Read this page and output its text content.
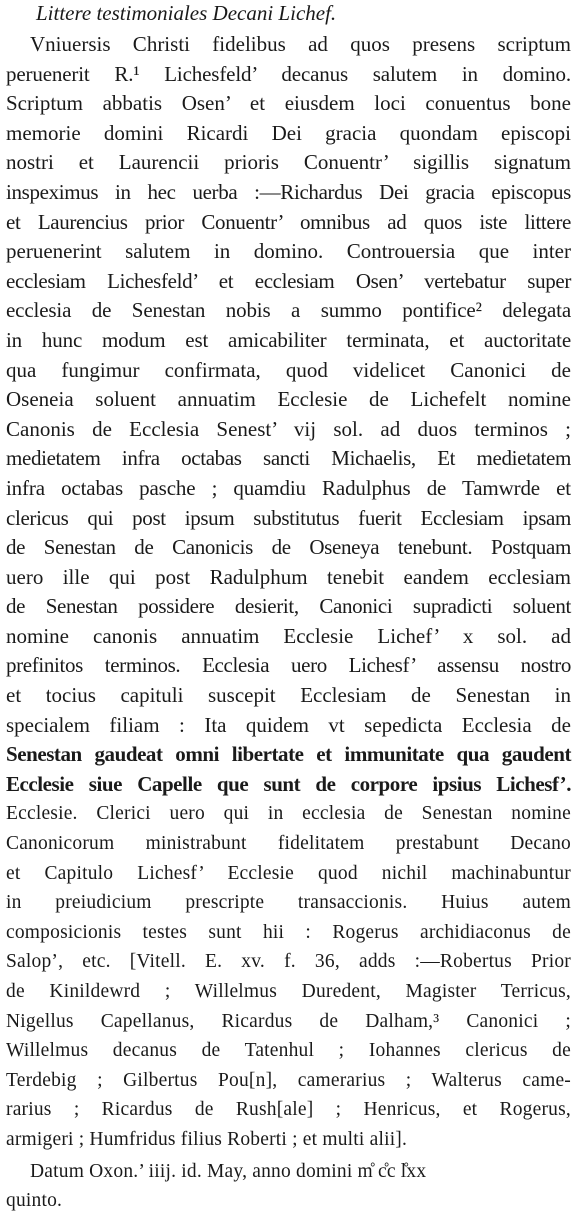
Littere testimoniales Decani Lichef.
Vniuersis Christi fidelibus ad quos presens scriptum
peruenerit R.¹ Lichesfeld’ decanus salutem in domino.
Scriptum abbatis Osen’ et eiusdem loci conuentus bone
memorie domini Ricardi Dei gracia quondam episcopi
nostri et Laurencii prioris Conuentr’ sigillis signatum
inspeximus in hec uerba :—Richardus Dei gracia episcopus
et Laurencius prior Conuentr’ omnibus ad quos iste littere
peruenerint salutem in domino. Controuersia que inter
ecclesiam Lichesfeld’ et ecclesiam Osen’ vertebatur super
ecclesia de Senestan nobis a summo pontifice² delegata
in hunc modum est amicabiliter terminata, et auctoritate
qua fungimur confirmata, quod videlicet Canonici de
Oseneia soluent annuatim Ecclesie de Lichefelt nomine
Canonis de Ecclesia Senest’ vij sol. ad duos terminos ;
medietatem infra octabas sancti Michaelis, Et medietatem
infra octabas pasche ; quamdiu Radulphus de Tamwrde et
clericus qui post ipsum substitutus fuerit Ecclesiam ipsam
de Senestan de Canonicis de Oseneya tenebunt. Postquam
uero ille qui post Radulphum tenebit eandem ecclesiam
de Senestan possidere desierit, Canonici supradicti soluent
nomine canonis annuatim Ecclesie Lichef’ x sol. ad
prefinitos terminos. Ecclesia uero Lichesf’ assensu nostro
et tocius capituli suscepit Ecclesiam de Senestan in
specialem filiam : Ita quidem vt sepedicta Ecclesia de
Senestan gaudeat omni libertate et immunitate qua gaudent
Ecclesie siue Capelle que sunt de corpore ipsius Lichesf’.
Ecclesie. Clerici uero qui in ecclesia de Senestan nomine
Canonicorum ministrabunt fidelitatem prestabunt Decano
et Capitulo Lichesf’ Ecclesie quod nichil machinabuntur
in preiudicium prescripte transaccionis. Huius autem
composicionis testes sunt hii : Rogerus archidiaconus de
Salop’, etc. [Vitell. E. xv. f. 36, adds :—Robertus Prior
de Kinildewrd ; Willelmus Duredent, Magister Terricus,
Nigellus Capellanus, Ricardus de Dalham,³ Canonici ;
Willelmus decanus de Tatenhul ; Iohannes clericus de
Terdebig ; Gilbertus Pou[n], camerarius ; Walterus came-
rarius ; Ricardus de Rush[ale] ; Henricus, et Rogerus,
armigeri ; Humfridus filius Roberti ; et multi alii].
Datum Oxon.’ iiij. id. May, anno domini m̊ c̊c l̊xx
quinto.
